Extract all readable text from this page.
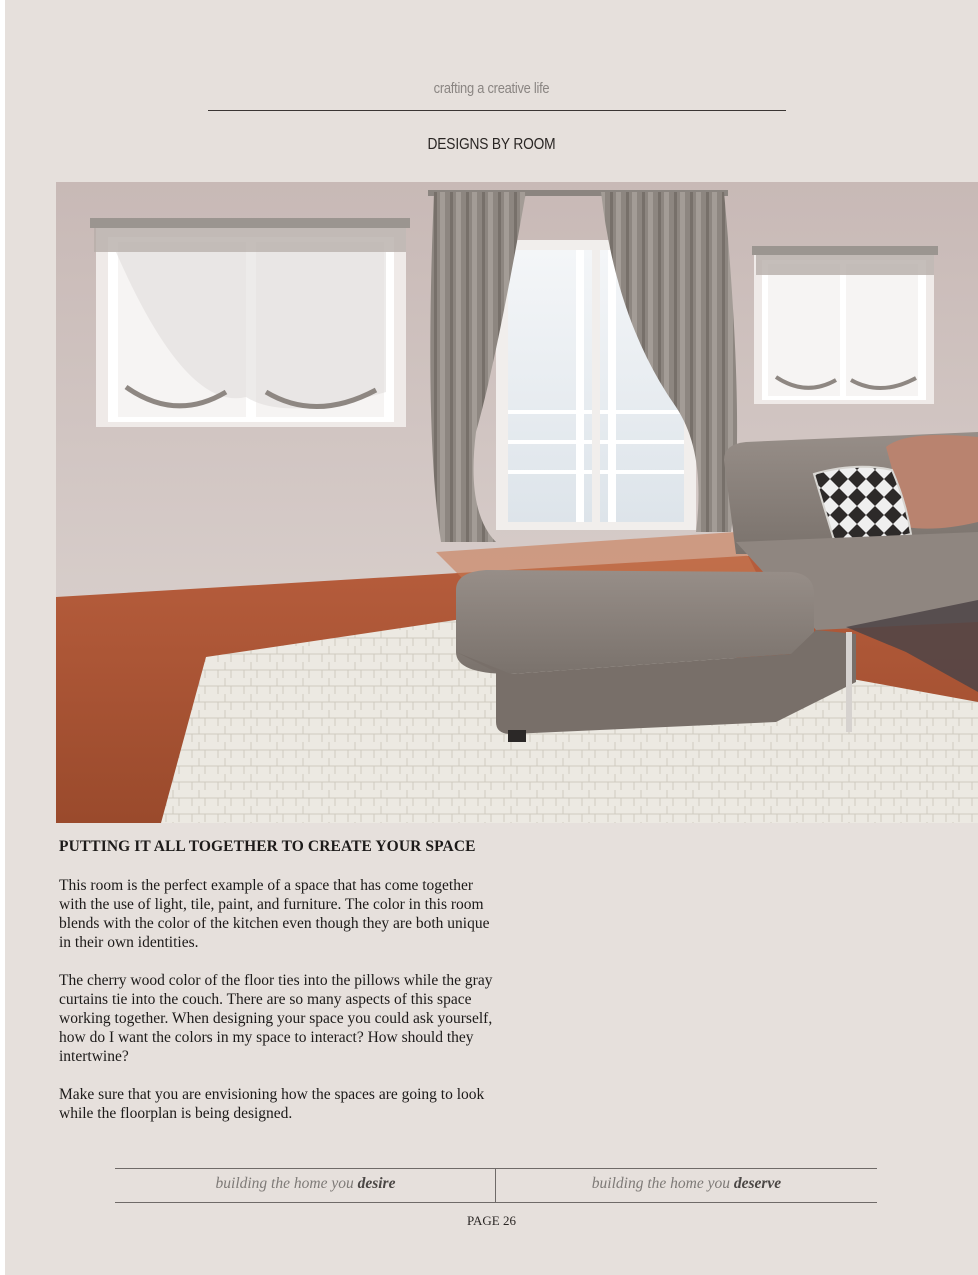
crafting a creative life
DESIGNS BY ROOM
PUTTING IT ALL TOGETHER TO CREATE YOUR SPACE

This room is the perfect example of a space that has come together with the use of light, tile, paint, and furniture. The color in this room blends with the color of the kitchen even though they are both unique in their own identities.

The cherry wood color of the floor ties into the pillows while the gray curtains tie into the couch. There are so many aspects of this space working together. When designing your space you could ask yourself, how do I want the colors in my space to interact? How should they intertwine?

Make sure that you are envisioning how the spaces are going to look while the floorplan is being designed.

building the home you desire	building the home you deserve
PAGE 26
